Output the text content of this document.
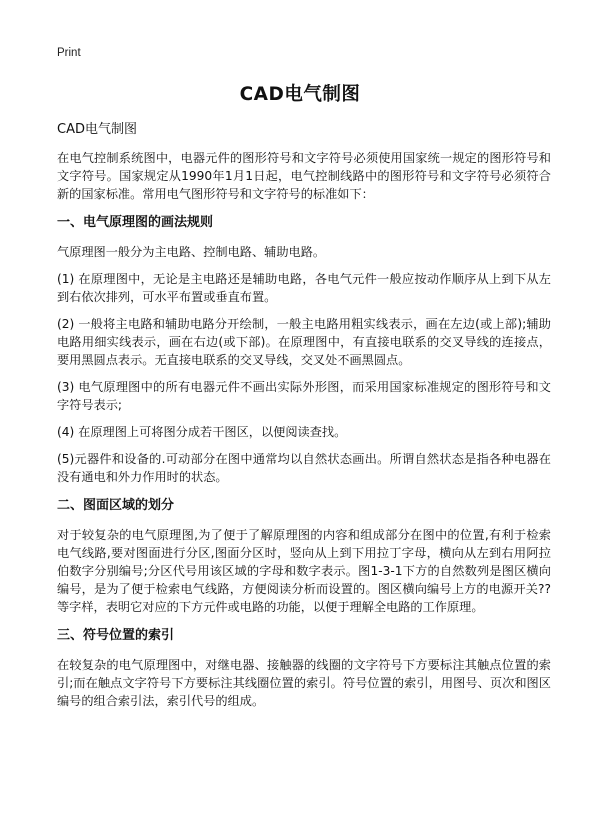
Print
CAD电气制图

CAD电气制图

在电气控制系统图中，电器元件的图形符号和文字符号必须使用国家统一规定的图形符号和文字符号。国家规定从1990年1月1日起，电气控制线路中的图形符号和文字符号必须符合新的国家标准。常用电气图形符号和文字符号的标准如下：

一、电气原理图的画法规则

气原理图一般分为主电路、控制电路、辅助电路。

(1) 在原理图中，无论是主电路还是辅助电路，各电气元件一般应按动作顺序从上到下从左到右依次排列，可水平布置或垂直布置。

(2) 一般将主电路和辅助电路分开绘制，一般主电路用粗实线表示，画在左边(或上部);辅助电路用细实线表示，画在右边(或下部)。在原理图中，有直接电联系的交叉导线的连接点，要用黑圆点表示。无直接电联系的交叉导线，交叉处不画黑圆点。

(3) 电气原理图中的所有电器元件不画出实际外形图，而采用国家标准规定的图形符号和文字符号表示;

(4) 在原理图上可将图分成若干图区，以便阅读查找。

(5)元器件和设备的.可动部分在图中通常均以自然状态画出。所谓自然状态是指各种电器在没有通电和外力作用时的状态。

二、图面区域的划分

对于较复杂的电气原理图,为了便于了解原理图的内容和组成部分在图中的位置,有利于检索电气线路,要对图面进行分区,图面分区时，竖向从上到下用拉丁字母，横向从左到右用阿拉伯数字分别编号;分区代号用该区域的字母和数字表示。图1-3-1下方的自然数列是图区横向编号，是为了便于检索电气线路，方便阅读分析而设置的。图区横向编号上方的电源开关??等字样，表明它对应的下方元件或电路的功能，以便于理解全电路的工作原理。

三、符号位置的索引

在较复杂的电气原理图中，对继电器、接触器的线圈的文字符号下方要标注其触点位置的索引;而在触点文字符号下方要标注其线圈位置的索引。符号位置的索引，用图号、页次和图区编号的组合索引法，索引代号的组成。
